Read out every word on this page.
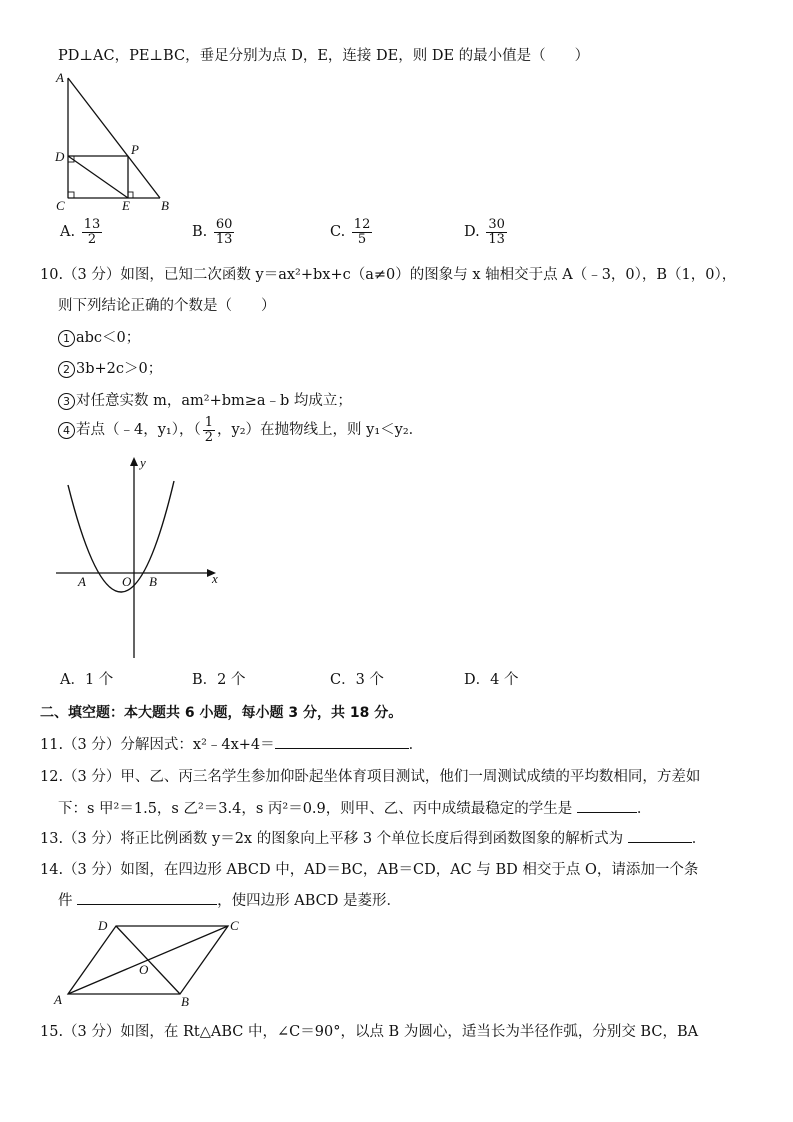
PD⊥AC，PE⊥BC，垂足分别为点 D，E，连接 DE，则 DE 的最小值是（　　）
A
D	P
C	E B
A. $\frac{13}{2}$	B. $\frac{60}{13}$	C. $\frac{12}{5}$	D. $\frac{30}{13}$
10.（3 分）如图，已知二次函数 y＝ax²+bx+c（a≠0）的图象与 x 轴相交于点 A（﹣3，0），B（1，0），
则下列结论正确的个数是（　　）
1 abc＜0；
2 3b+2c＞0；
3 对任意实数 m，am²+bm≥a﹣b 均成立；
4 若点（﹣4，y₁），（ $\frac{1}{2}$ ，y₂）在抛物线上，则 y₁＜y₂．
y
x
A	O B
A．1 个	B．2 个	C．3 个	D．4 个
二、填空题：本大题共 6 小题，每小题 3 分，共 18 分。
11.（3 分）分解因式：x²﹣4x+4＝	．
12.（3 分）甲、乙、丙三名学生参加仰卧起坐体育项目测试，他们一周测试成绩的平均数相同，方差如
下：s 甲²＝1.5，s 乙²＝3.4，s 丙²＝0.9，则甲、乙、丙中成绩最稳定的学生是	．
13.（3 分）将正比例函数 y＝2x 的图象向上平移 3 个单位长度后得到函数图象的解析式为	．
14.（3 分）如图，在四边形 ABCD 中，AD＝BC，AB＝CD，AC 与 BD 相交于点 O，请添加一个条
件	，使四边形 ABCD 是菱形．
D	C
O
A	B
15.（3 分）如图，在 Rt△ABC 中，∠C＝90°，以点 B 为圆心，适当长为半径作弧，分别交 BC，BA
